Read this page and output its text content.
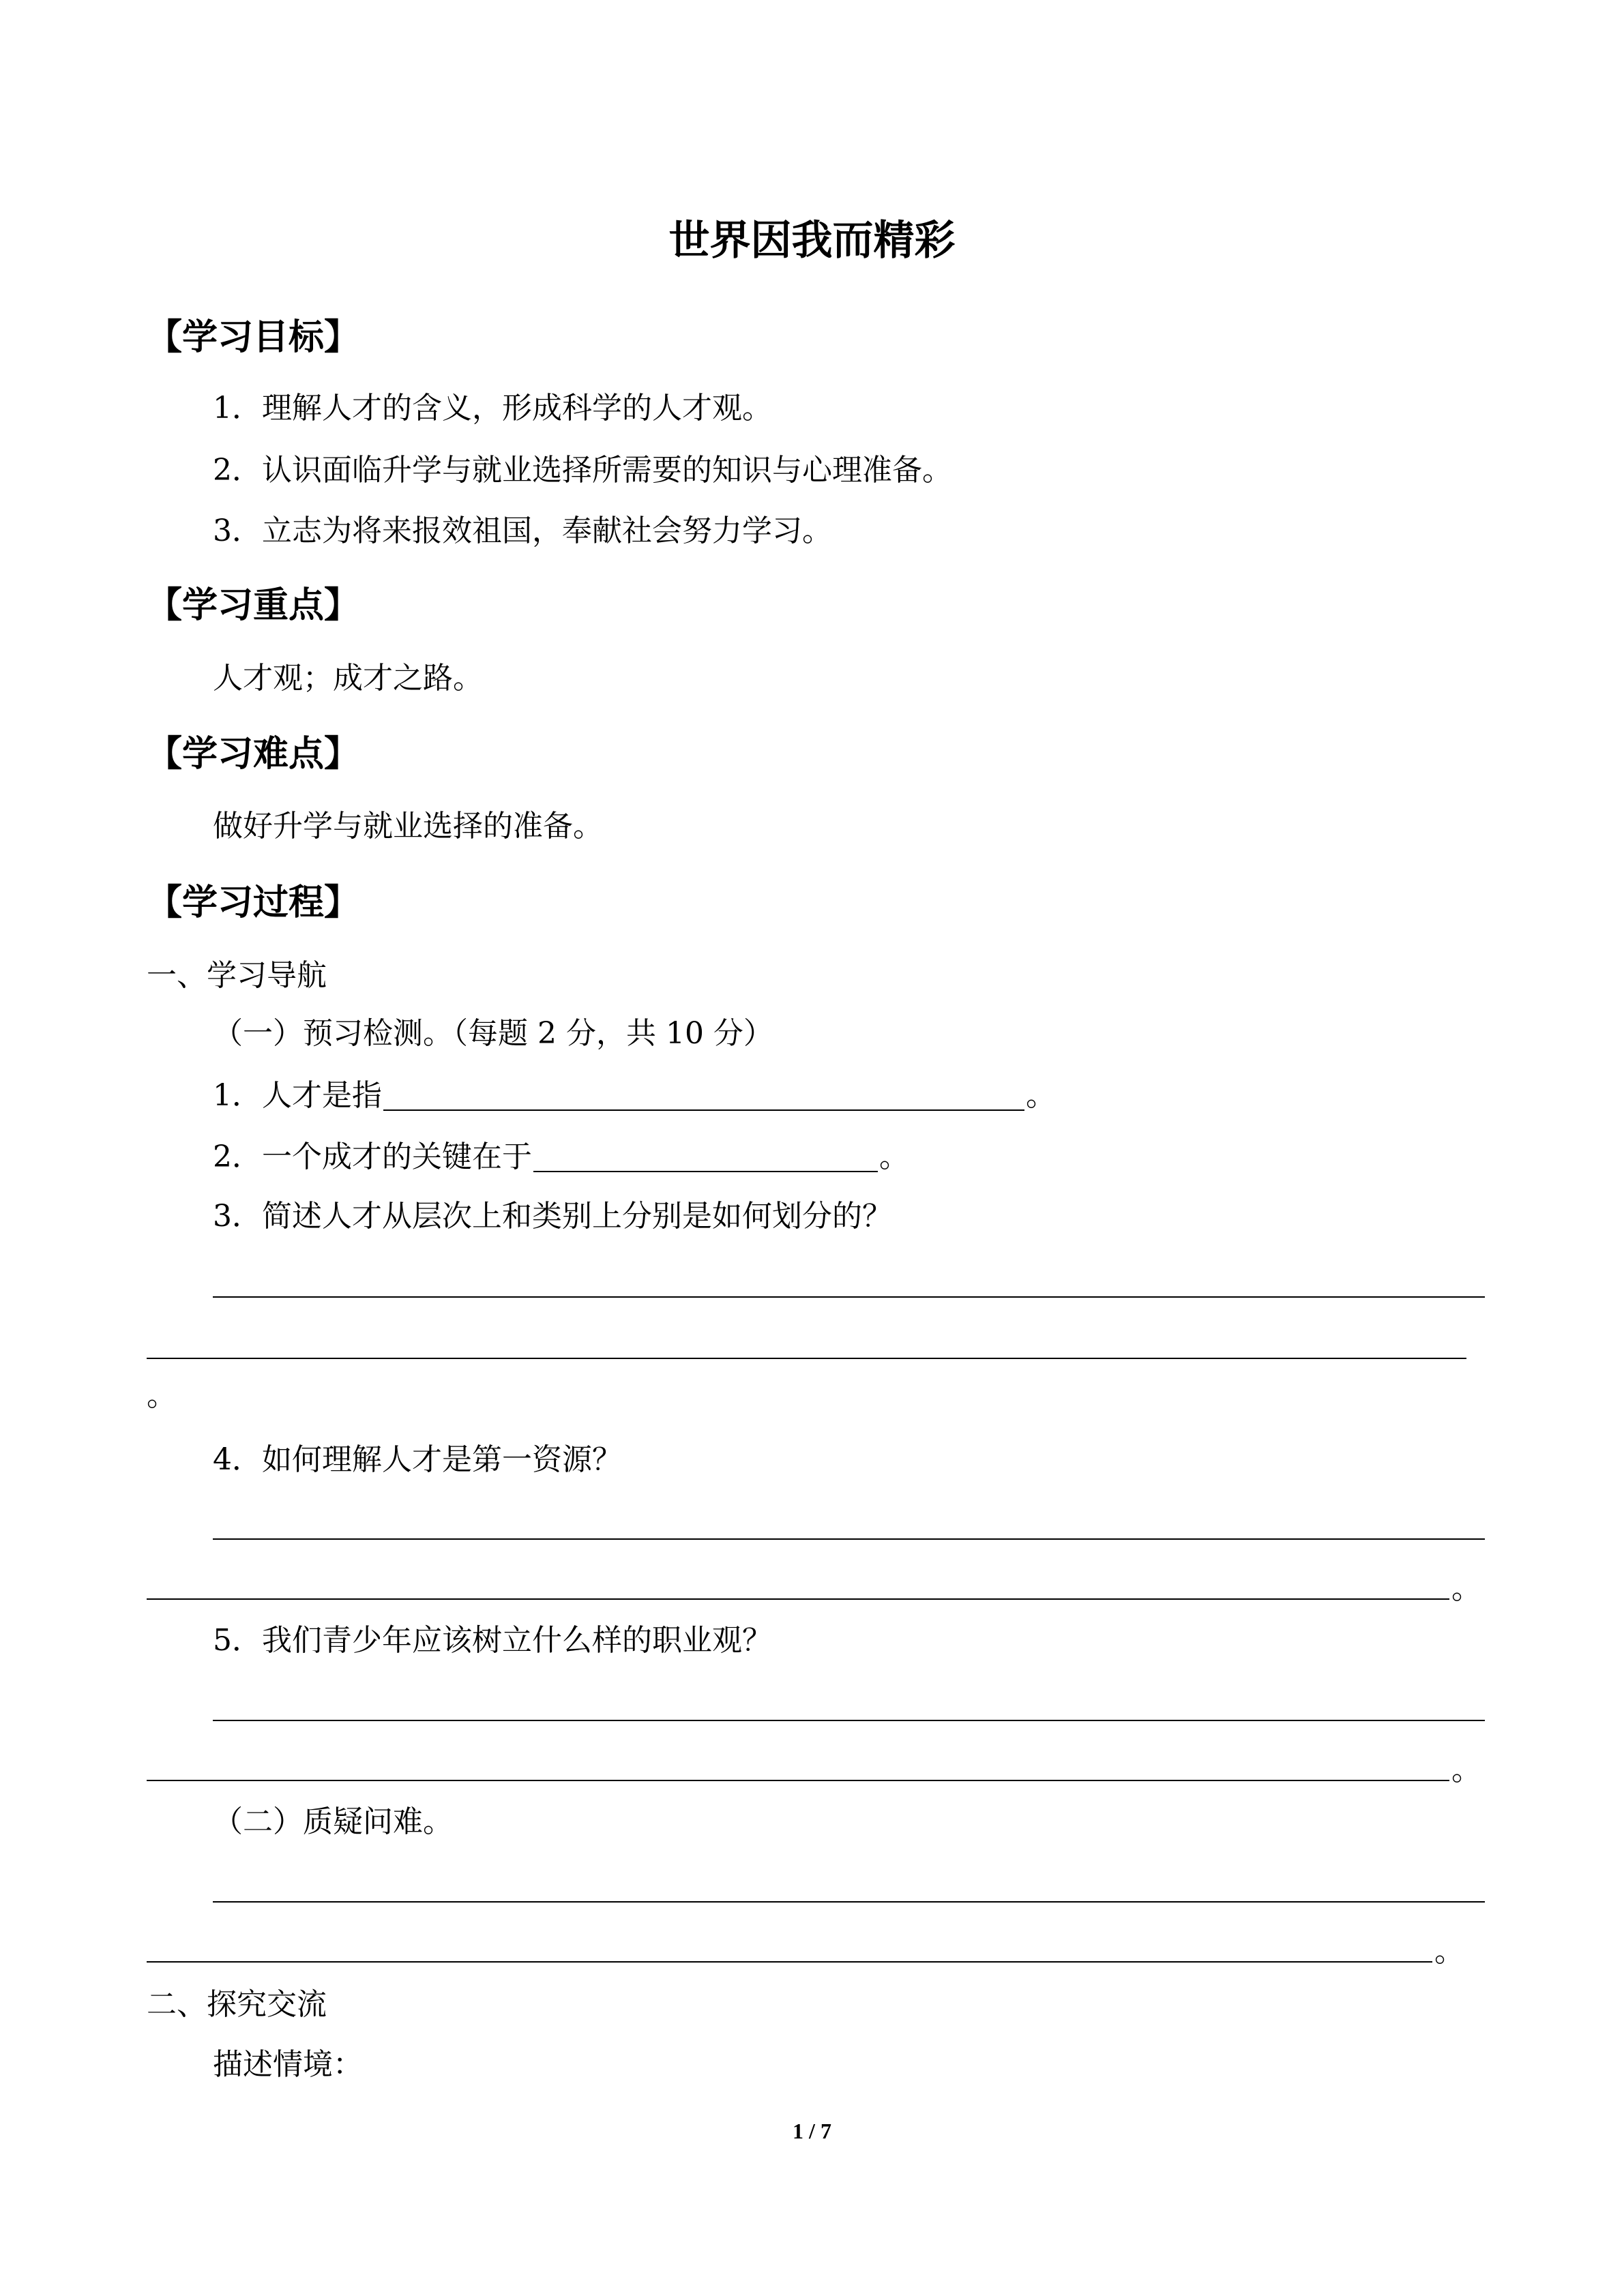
世界因我而精彩
【学习目标】
1．理解人才的含义，形成科学的人才观。
2．认识面临升学与就业选择所需要的知识与心理准备。
3．立志为将来报效祖国，奉献社会努力学习。
【学习重点】
人才观；成才之路。
【学习难点】
做好升学与就业选择的准备。
【学习过程】
一、学习导航
（一）预习检测。（每题 2 分，共 10 分）
1．人才是指	。
2．一个成才的关键在于	。
3．简述人才从层次上和类别上分别是如何划分的？
。
4．如何理解人才是第一资源？
。
5．我们青少年应该树立什么样的职业观？
。
（二）质疑问难。
。
二、探究交流
描述情境：
1 / 7
